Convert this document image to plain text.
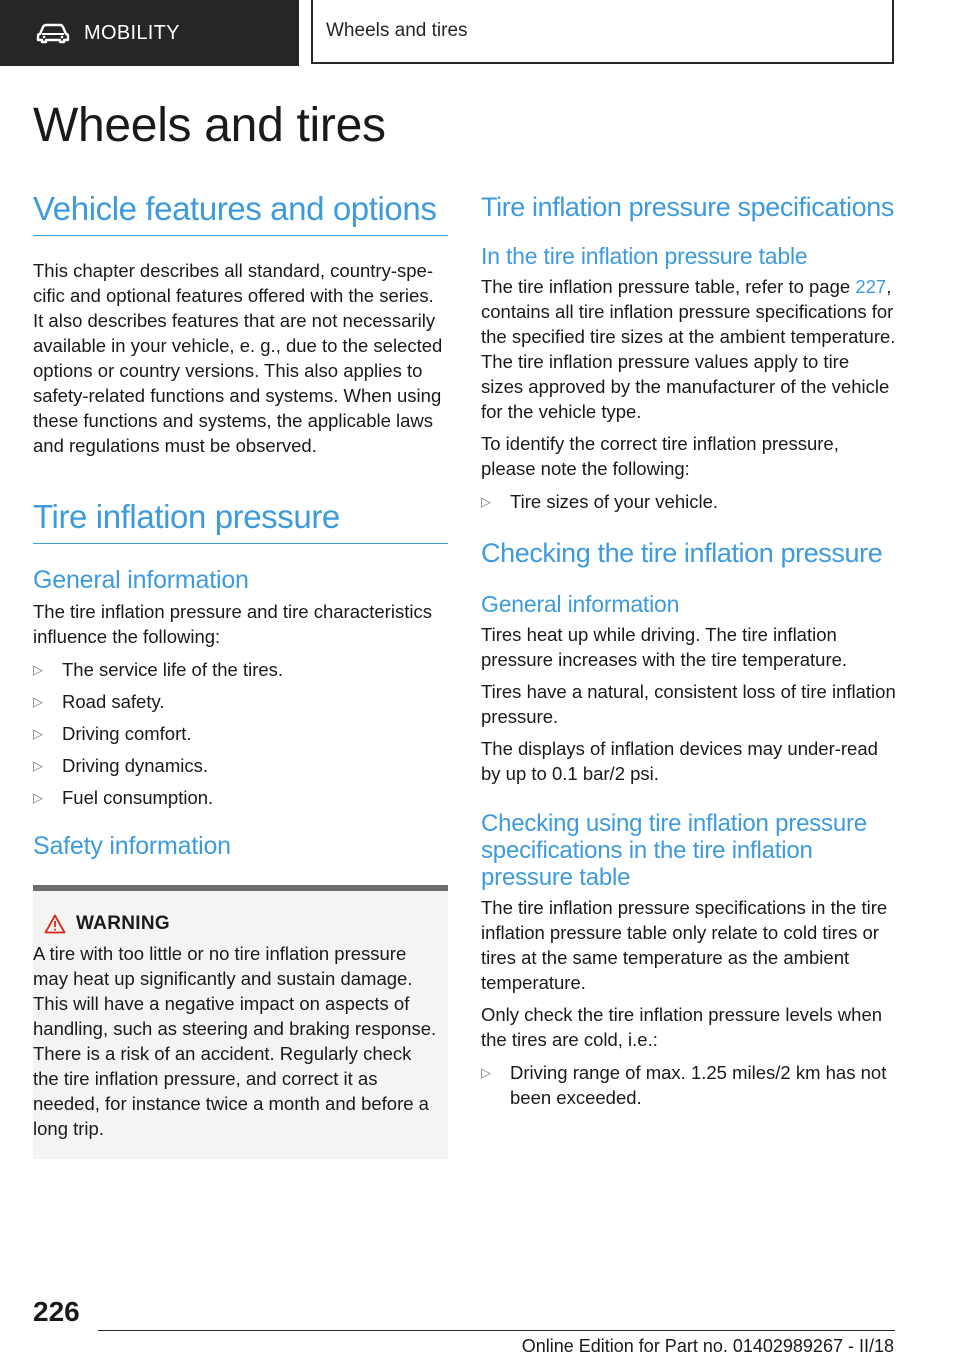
MOBILITY	Wheels and tires
Wheels and tires
Vehicle features and options

This chapter describes all standard, country-specific and optional features offered with the series. It also describes features that are not necessarily available in your vehicle, e. g., due to the selected options or country versions. This also applies to safety-related functions and systems. When using these functions and systems, the applicable laws and regulations must be observed.

Tire inflation pressure
General information

The tire inflation pressure and tire characteristics influence the following:

▷ The service life of the tires.
▷ Road safety.
▷ Driving comfort.
▷ Driving dynamics.
▷ Fuel consumption.
Safety information
WARNING

A tire with too little or no tire inflation pressure may heat up significantly and sustain damage. This will have a negative impact on aspects of handling, such as steering and braking response. There is a risk of an accident. Regularly check the tire inflation pressure, and correct it as needed, for instance twice a month and before a long trip.

Tire inflation pressure specifications
In the tire inflation pressure table

The tire inflation pressure table, refer to page 227, contains all tire inflation pressure specifications for the specified tire sizes at the ambient temperature. The tire inflation pressure values apply to tire sizes approved by the manufacturer of the vehicle for the vehicle type.

To identify the correct tire inflation pressure, please note the following:

▷ Tire sizes of your vehicle.
Checking the tire inflation pressure
General information

Tires heat up while driving. The tire inflation pressure increases with the tire temperature.

Tires have a natural, consistent loss of tire inflation pressure.

The displays of inflation devices may under-read by up to 0.1 bar/2 psi.

Checking using tire inflation pressure specifications in the tire inflation pressure table

The tire inflation pressure specifications in the tire inflation pressure table only relate to cold tires or tires at the same temperature as the ambient temperature.

Only check the tire inflation pressure levels when the tires are cold, i.e.:

▷ Driving range of max. 1.25 miles/2 km has not been exceeded.
226
Online Edition for Part no. 01402989267 - II/18
